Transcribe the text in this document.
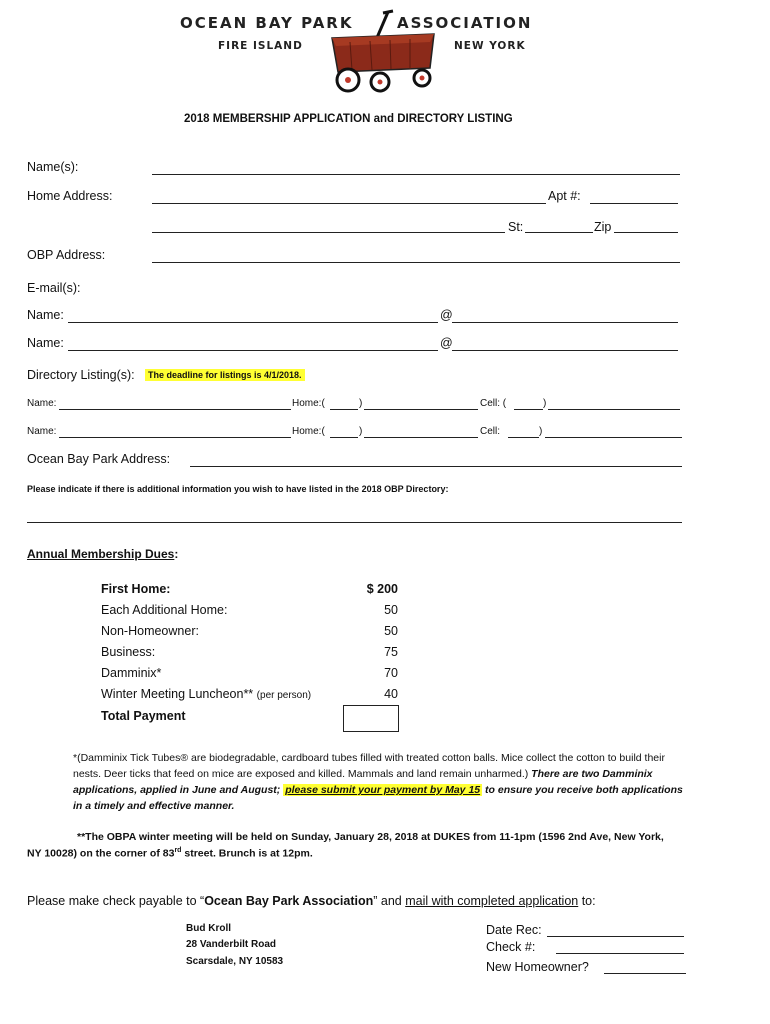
OCEAN BAY PARK	ASSOCIATION
FIRE ISLAND	NEW YORK
2018 MEMBERSHIP APPLICATION and DIRECTORY LISTING
Name(s):
Home Address:	Apt #:
St:	Zip
OBP Address:
E-mail(s):
Name:	@
Name:	@
Directory Listing(s):	The deadline for listings is 4/1/2018.
Name:	Home:(	)	Cell: (	)
Name:	Home:(	)	Cell:	)
Ocean Bay Park Address:
Please indicate if there is additional information you wish to have listed in the 2018 OBP Directory:
Annual Membership Dues:
First Home:	$ 200
Each Additional Home:	50
Non-Homeowner:	50
Business:	75
Damminix*	70
Winter Meeting Luncheon** (per person)	40
Total Payment
*(Damminix Tick Tubes® are biodegradable, cardboard tubes filled with treated cotton balls. Mice collect the cotton to build their nests. Deer ticks that feed on mice are exposed and killed. Mammals and land remain unharmed.) There are two Damminix applications, applied in June and August; please submit your payment by May 15 to ensure you receive both applications in a timely and effective manner.
**The OBPA winter meeting will be held on Sunday, January 28, 2018 at DUKES from 11-1pm (1596 2nd Ave, New York,
NY 10028) on the corner of 83rd street. Brunch is at 12pm.
Please make check payable to “Ocean Bay Park Association” and mail with completed application to:
Bud Kroll
28 Vanderbilt Road
Scarsdale, NY 10583
Date Rec:
Check #:
New Homeowner?
